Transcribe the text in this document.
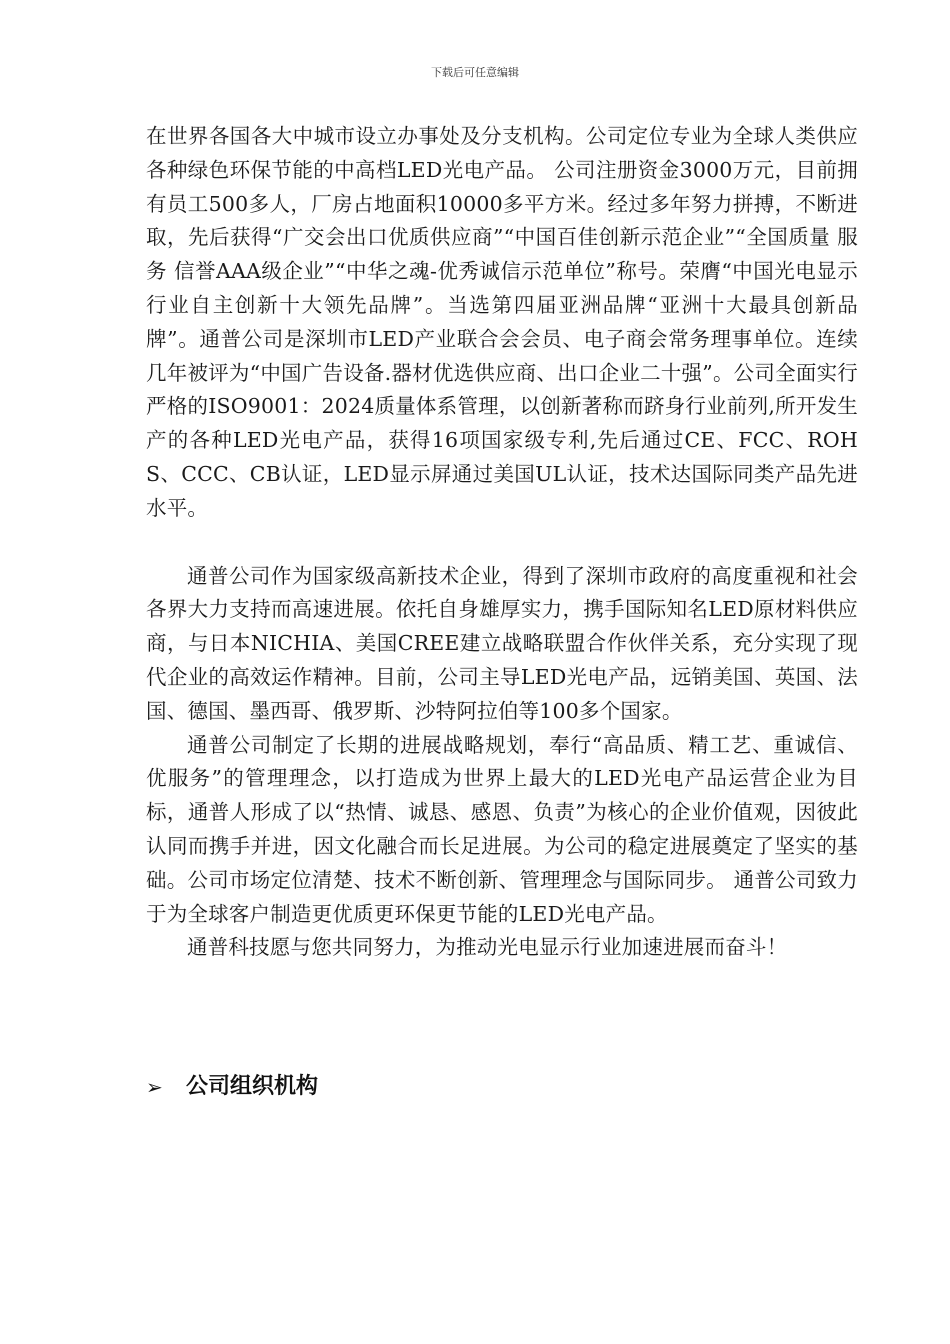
下载后可任意编辑

在世界各国各大中城市设立办事处及分支机构。公司定位专业为全球人类供应各种绿色环保节能的中高档LED光电产品。 公司注册资金3000万元，目前拥有员工500多人，厂房占地面积10000多平方米。经过多年努力拼搏，不断进取，先后获得“广交会出口优质供应商”“中国百佳创新示范企业”“全国质量 服务 信誉AAA级企业”“中华之魂-优秀诚信示范单位”称号。荣膺“中国光电显示行业自主创新十大领先品牌”。当选第四届亚洲品牌“亚洲十大最具创新品牌”。通普公司是深圳市LED产业联合会会员、电子商会常务理事单位。连续几年被评为“中国广告设备.器材优选供应商、出口企业二十强”。公司全面实行严格的ISO9001：2024质量体系管理，以创新著称而跻身行业前列,所开发生产的各种LED光电产品，获得16项国家级专利,先后通过CE、FCC、ROHS、CCC、CB认证，LED显示屏通过美国UL认证，技术达国际同类产品先进水平。

通普公司作为国家级高新技术企业，得到了深圳市政府的高度重视和社会各界大力支持而高速进展。依托自身雄厚实力，携手国际知名LED原材料供应商，与日本NICHIA、美国CREE建立战略联盟合作伙伴关系，充分实现了现代企业的高效运作精神。目前，公司主导LED光电产品，远销美国、英国、法国、德国、墨西哥、俄罗斯、沙特阿拉伯等100多个国家。

通普公司制定了长期的进展战略规划，奉行“高品质、精工艺、重诚信、优服务”的管理理念，以打造成为世界上最大的LED光电产品运营企业为目标，通普人形成了以“热情、诚恳、感恩、负责”为核心的企业价值观，因彼此认同而携手并进，因文化融合而长足进展。为公司的稳定进展奠定了坚实的基础。公司市场定位清楚、技术不断创新、管理理念与国际同步。 通普公司致力于为全球客户制造更优质更环保更节能的LED光电产品。

通普科技愿与您共同努力，为推动光电显示行业加速进展而奋斗！

➢ 公司组织机构
